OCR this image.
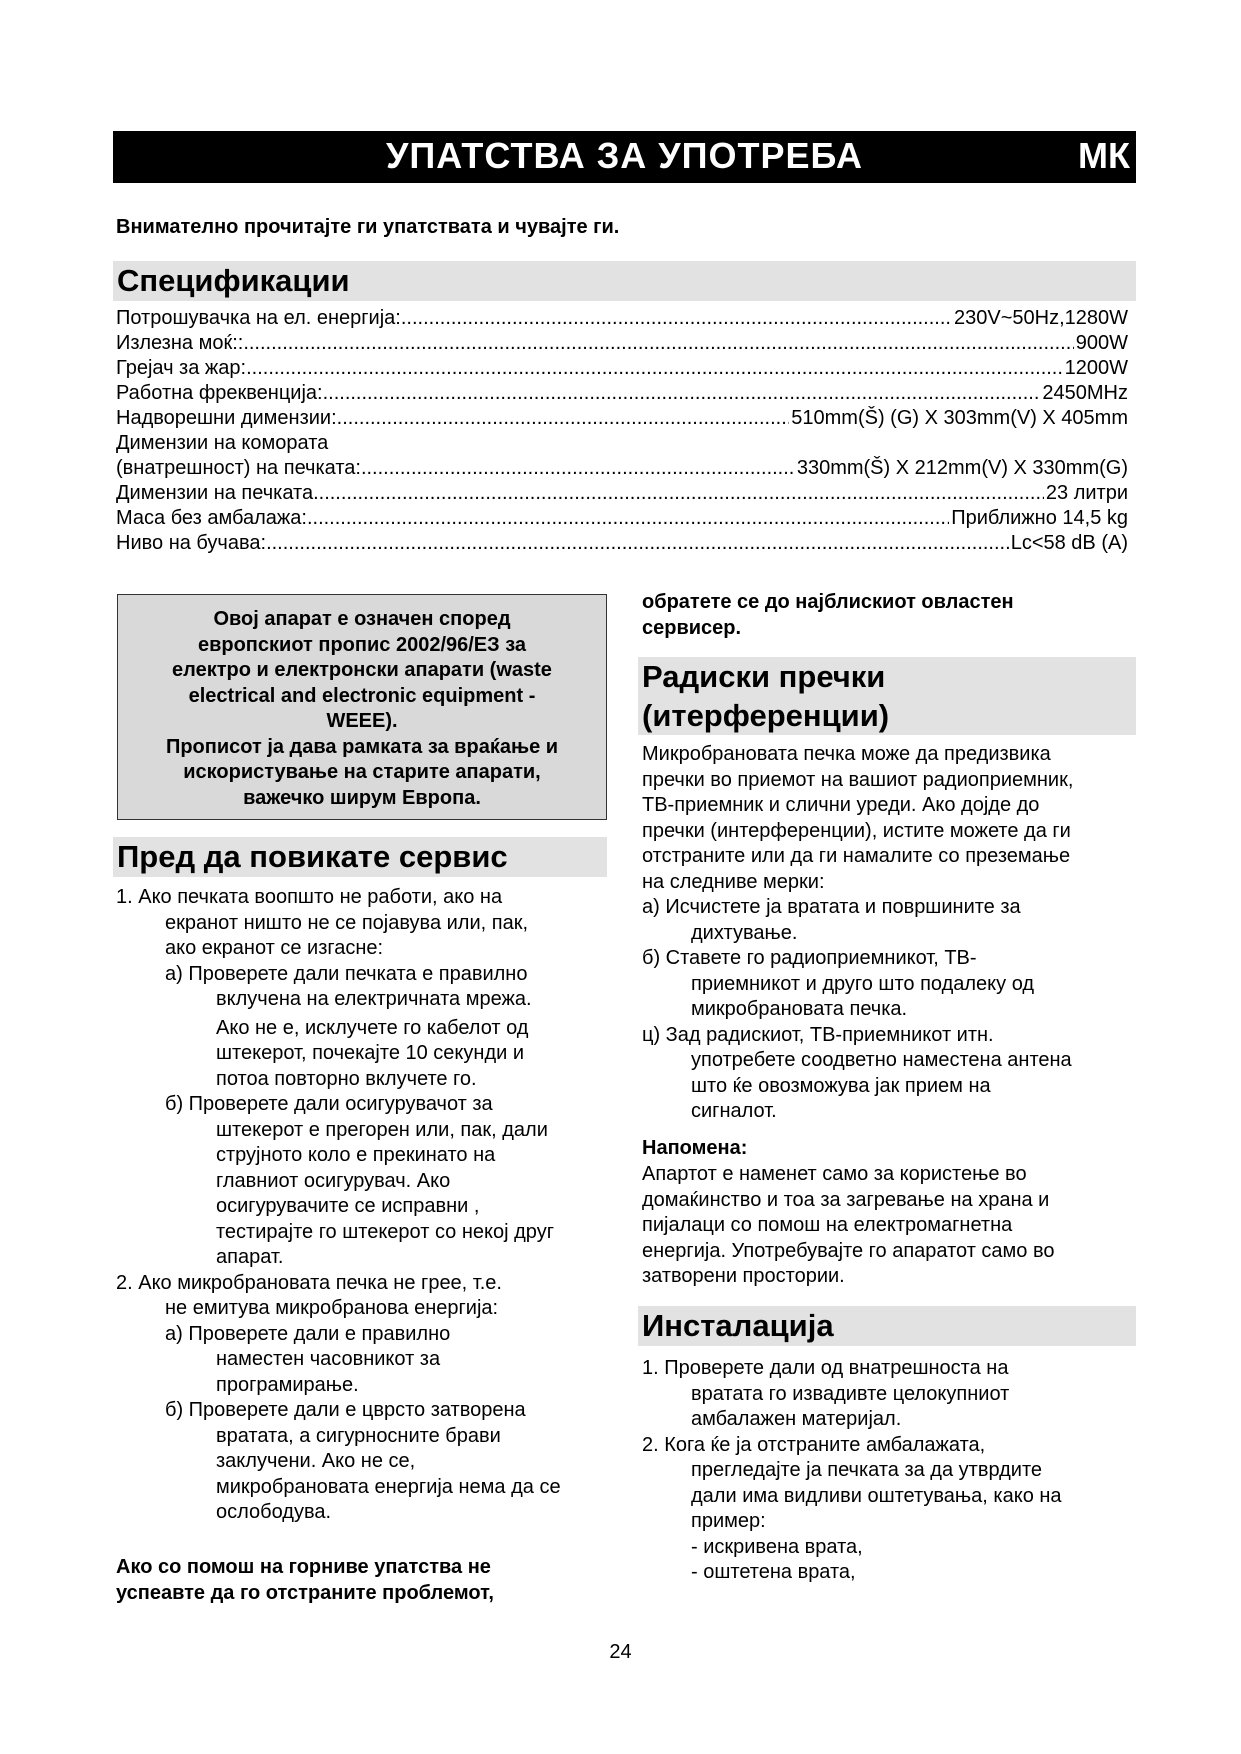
УПАТСТВА ЗА УПОТРЕБА	МК
Внимателно прочитајте ги упатствата и чувајте ги.
Спецификации
Потрошувачка на ел. енергија: .....	230V~50Hz,1280W
Излезна моќ:: .....	900W
Грејач за жар: .....	1200W
Работна фреквенција: .....	2450MHz
Надворешни димензии: .....	510mm(Š) (G) X 303mm(V) X 405mm
Димензии на комората
(внатрешност) на печката: .....	330mm(Š) X 212mm(V) X 330mm(G)
Димензии на печката .....	23 литри
Маса без амбалажа: .....	Приближно 14,5 kg
Ниво на бучава: .....	Lc<58 dB (A)
Овој апарат е означен според
европскиот пропис 2002/96/ЕЗ за
електро и електронски апарати (waste
electrical and electronic equipment -
WEEE).
Прописот ја дава рамката за враќање и
искористување на старите апарати,
важечко ширум Европа.
Пред да повикате сервис
1. Ако печката воопшто не работи, ако на
екранот ништо не се појавува или, пак,
ако екранот се изгасне:
а) Проверете дали печката е правилно
вклучена на електричната мрежа.
Ако не е, исклучете го кабелот од
штекерот, почекајте 10 секунди и
потоа повторно вклучете го.
б) Проверете дали осигурувачот за
штекерот е прегорен или, пак, дали
струјното коло е прекинато на
главниот осигурувач. Ако
осигурувачите се исправни ,
тестирајте го штекерот со некој друг
апарат.
2. Ако микробрановата печка не грее, т.е.
не емитува микробранова енергија:
а) Проверете дали е правилно
наместен часовникот за
програмирање.
б) Проверете дали е цврсто затворена
вратата, а сигурносните брави
заклучени. Ако не се,
микробрановата енергија нема да се
ослободува.
Ако со помош на горниве упатства не
успеавте да го отстраните проблемот,
обратете се до најблискиот овластен
сервисер.
Радиски пречки
(итерференции)
Микробрановата печка може да предизвика
пречки во приемот на вашиот радиоприемник,
ТВ-приемник и слични уреди. Ако дојде до
пречки (интерференции), истите можете да ги
отстраните или да ги намалите со преземање
на следниве мерки:
а) Исчистете ја вратата и површините за
дихтување.
б) Ставете го радиоприемникот, ТВ-
приемникот и друго што подалеку од
микробрановата печка.
ц) Зад радискиот, ТВ-приемникот итн.
употребете соодветно наместена антена
што ќе овозможува јак прием на
сигналот.
Напомена:
Апартот е наменет само за користење во
домаќинство и тоа за загревање на храна и
пијалаци со помош на електромагнетна
енергија. Употребувајте го апаратот само во
затворени простории.
Инсталација
1. Проверете дали од внатрешноста на
вратата го извадивте целокупниот
амбалажен материјал.
2. Кога ќе ја отстраните амбалажата,
прегледајте ја печката за да утврдите
дали има видливи оштетувања, како на
пример:
- искривена врата,
- оштетена врата,
24
